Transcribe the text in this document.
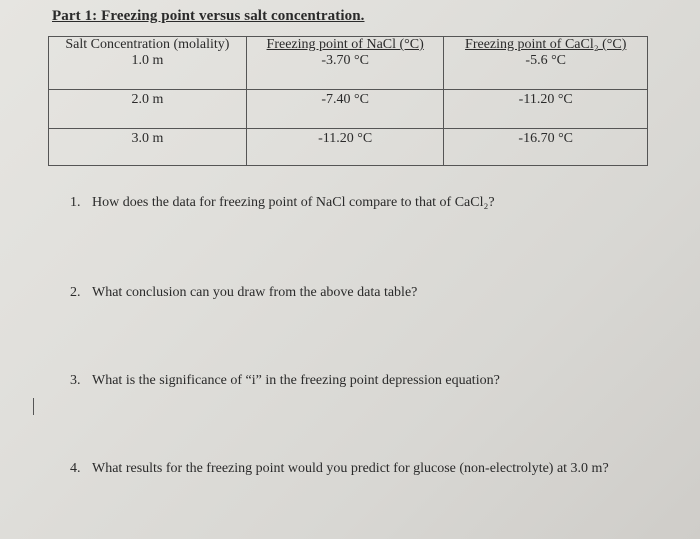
Part 1: Freezing point versus salt concentration.
Salt Concentration (molality)	Freezing point of NaCl (°C)	Freezing point of CaCl₂ (°C)
1.0 m	-3.70 °C	-5.6 °C
2.0 m	-7.40 °C	-11.20 °C
3.0 m	-11.20 °C	-16.70 °C
1. How does the data for freezing point of NaCl compare to that of CaCl₂?
2. What conclusion can you draw from the above data table?
3. What is the significance of “i” in the freezing point depression equation?
4. What results for the freezing point would you predict for glucose (non-electrolyte) at 3.0 m?
